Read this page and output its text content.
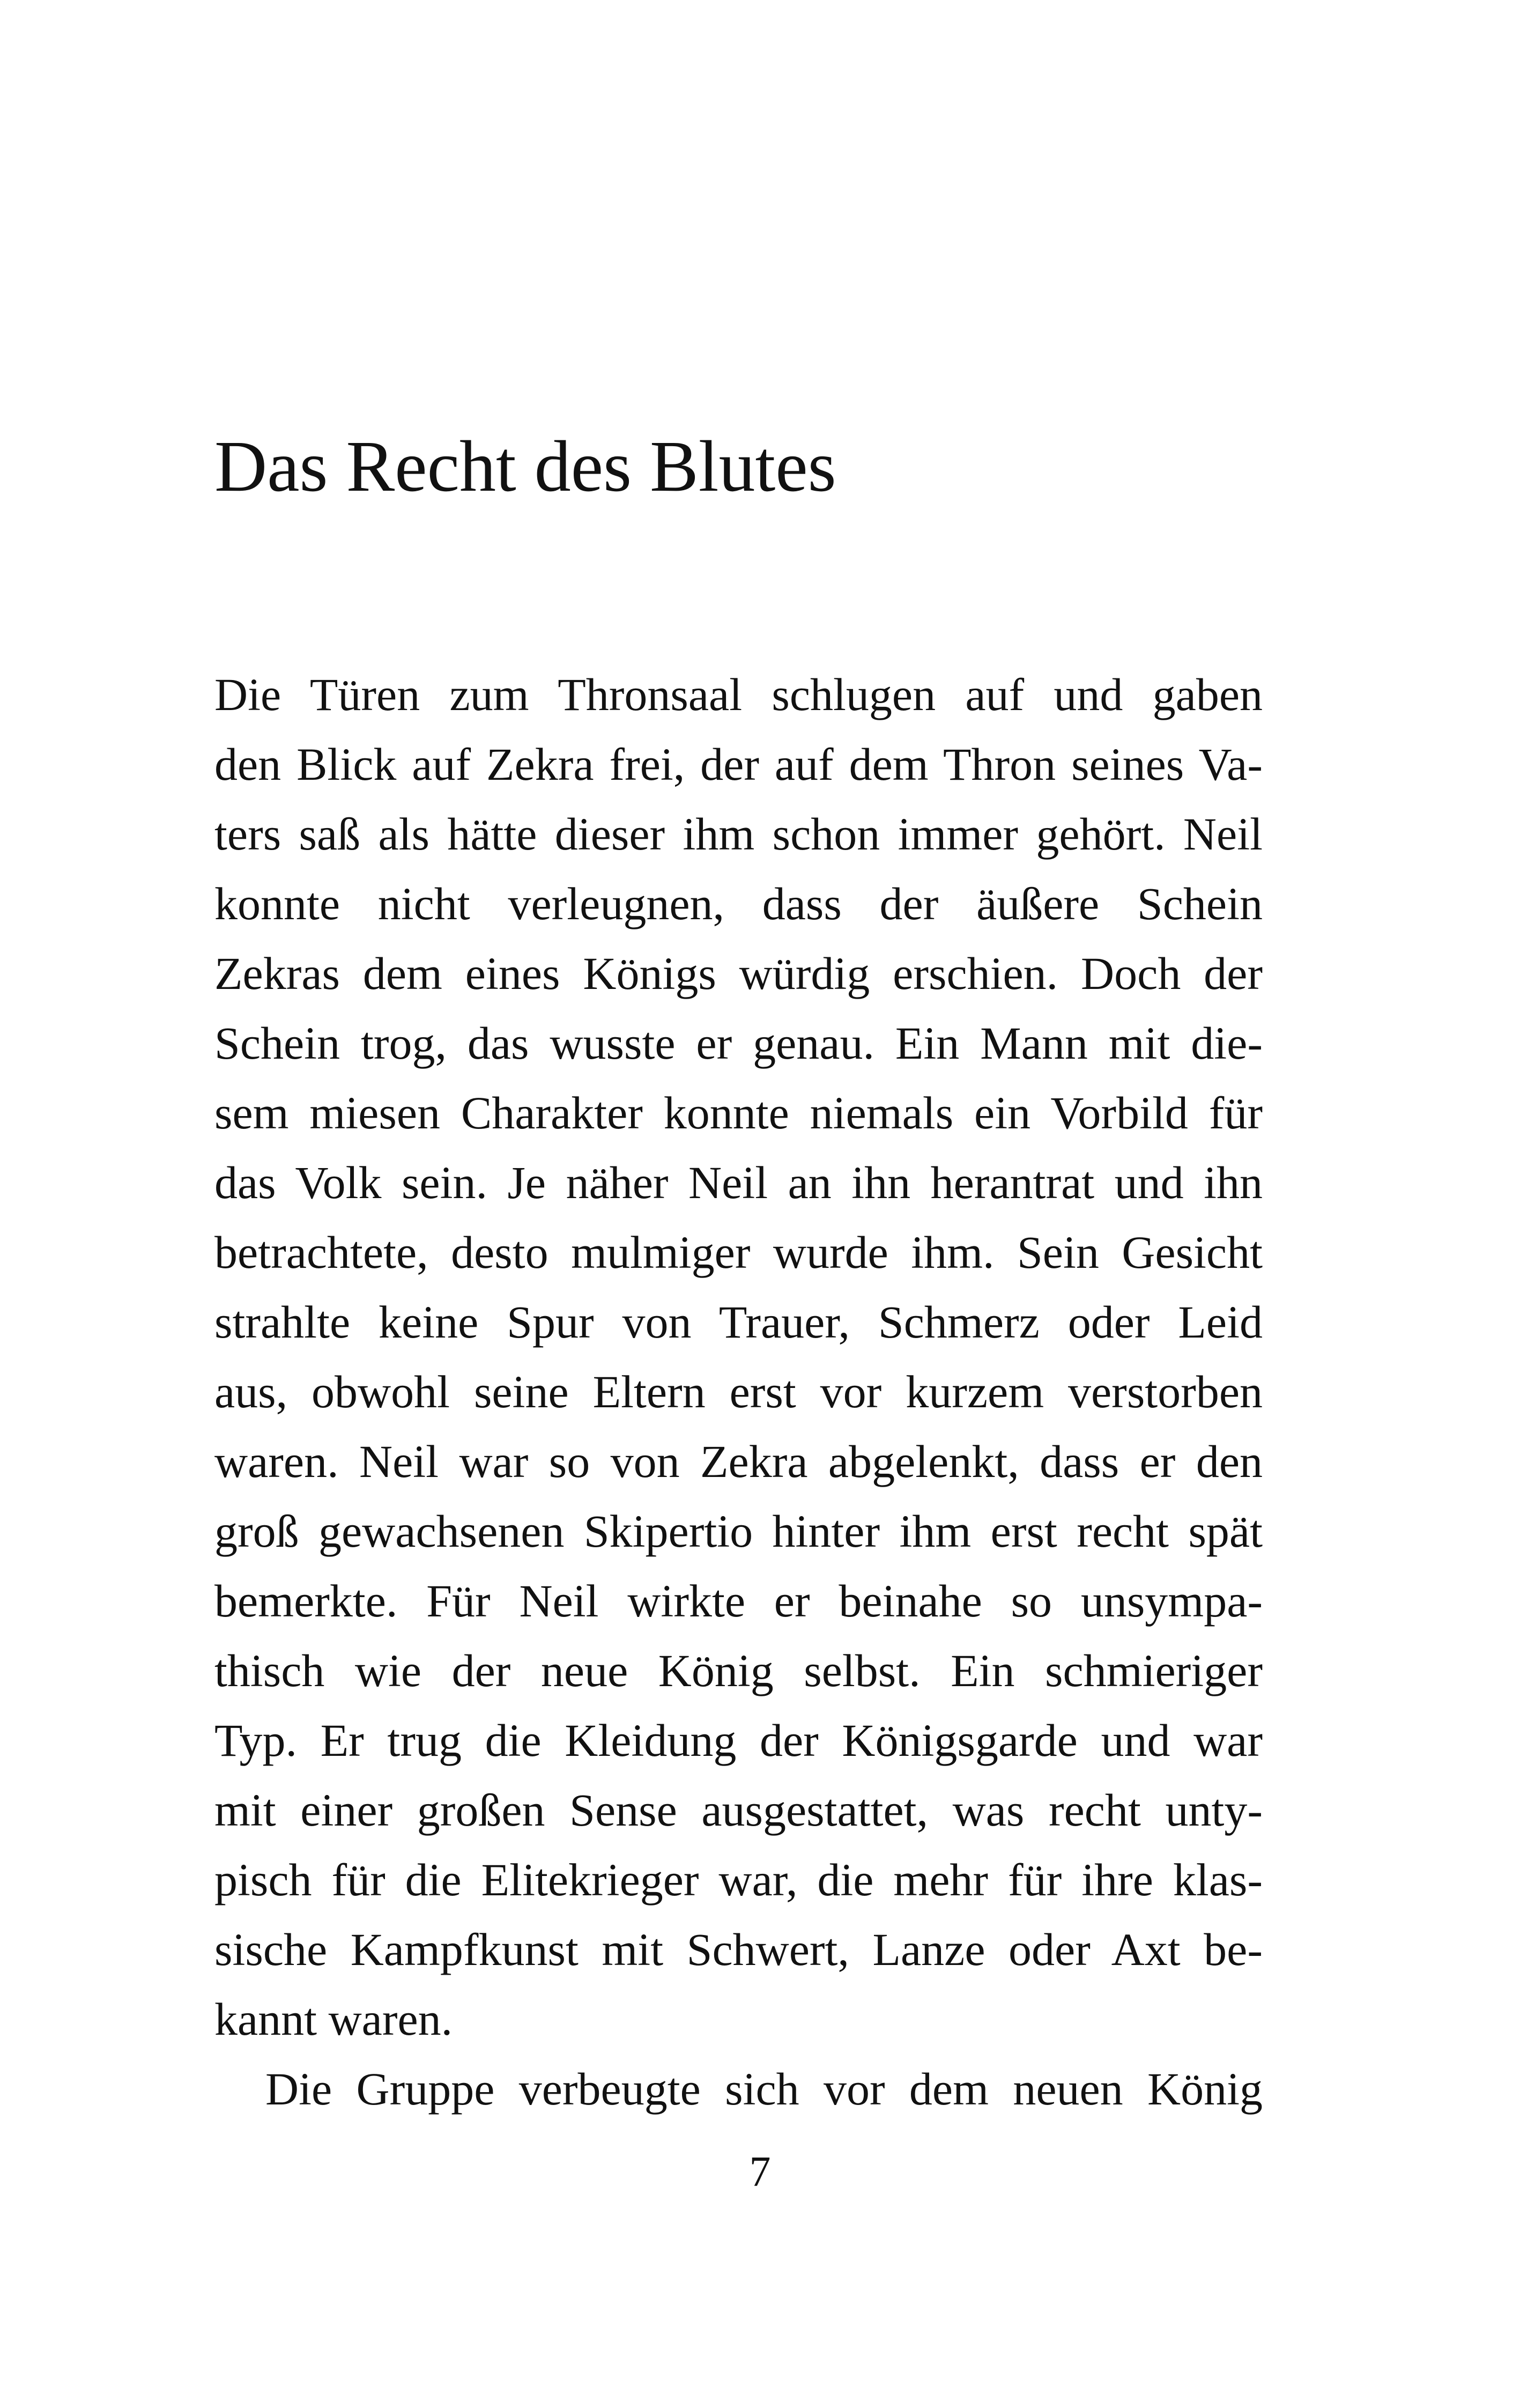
Das Recht des Blutes
Die Türen zum Thronsaal schlugen auf und gaben
den Blick auf Zekra frei, der auf dem Thron seines Va-
ters saß als hätte dieser ihm schon immer gehört. Neil
konnte nicht verleugnen, dass der äußere Schein
Zekras dem eines Königs würdig erschien. Doch der
Schein trog, das wusste er genau. Ein Mann mit die-
sem miesen Charakter konnte niemals ein Vorbild für
das Volk sein. Je näher Neil an ihn herantrat und ihn
betrachtete, desto mulmiger wurde ihm. Sein Gesicht
strahlte keine Spur von Trauer, Schmerz oder Leid
aus, obwohl seine Eltern erst vor kurzem verstorben
waren. Neil war so von Zekra abgelenkt, dass er den
groß gewachsenen Skipertio hinter ihm erst recht spät
bemerkte. Für Neil wirkte er beinahe so unsympa-
thisch wie der neue König selbst. Ein schmieriger
Typ. Er trug die Kleidung der Königsgarde und war
mit einer großen Sense ausgestattet, was recht unty-
pisch für die Elitekrieger war, die mehr für ihre klas-
sische Kampfkunst mit Schwert, Lanze oder Axt be-
kannt waren.
Die Gruppe verbeugte sich vor dem neuen König
7
